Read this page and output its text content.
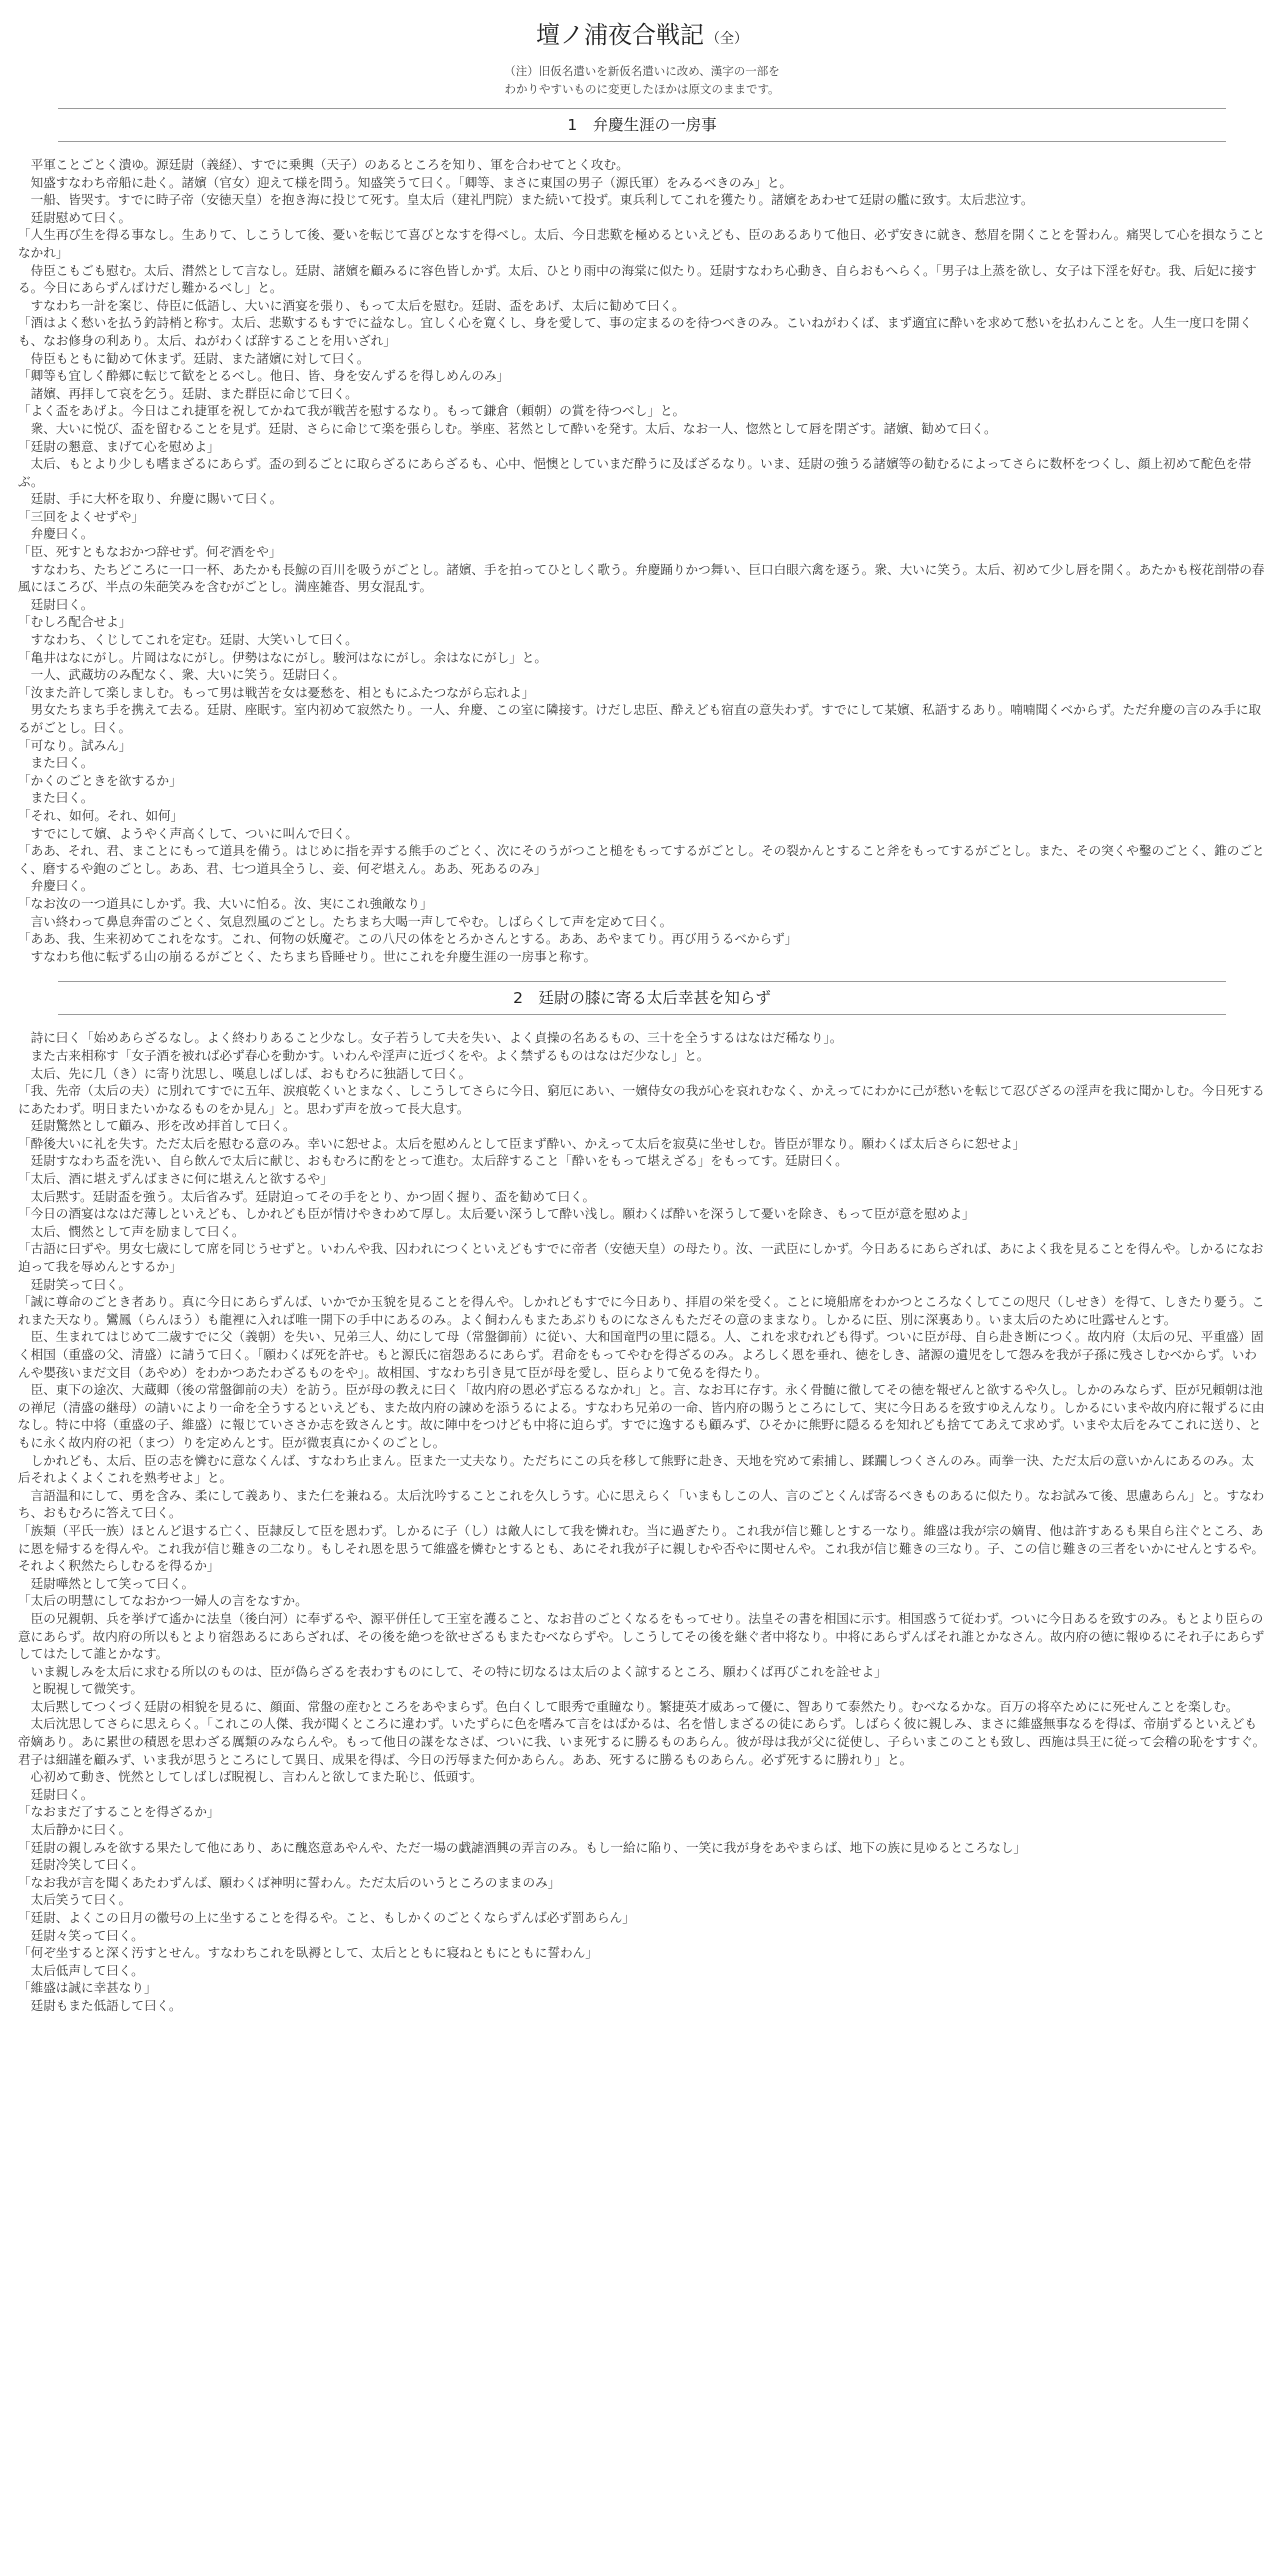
壇ノ浦夜合戦記 （全）
（注）旧仮名遣いを新仮名遣いに改め、漢字の一部を
わかりやすいものに変更したほかは原文のままです。
1　弁慶生涯の一房事

　平軍ことごとく潰ゆ。源廷尉（義経）、すでに乗輿（天子）のあるところを知り、軍を合わせてとく攻む。

　知盛すなわち帝船に赴く。諸嬪（官女）迎えて様を問う。知盛笑うて曰く。「卿等、まさに東国の男子（源氏軍）をみるべきのみ」と。

　一船、皆哭す。すでに時子帝（安徳天皇）を抱き海に投じて死す。皇太后（建礼門院）また続いて投ず。東兵利してこれを獲たり。諸嬪をあわせて廷尉の艦に致す。太后悲泣す。

　廷尉慰めて曰く。

「人生再び生を得る事なし。生ありて、しこうして後、憂いを転じて喜びとなすを得べし。太后、今日悲歎を極めるといえども、臣のあるありて他日、必ず安きに就き、愁眉を開くことを誓わん。痛哭して心を損なうことなかれ」

　侍臣こもごも慰む。太后、潸然として言なし。廷尉、諸嬪を顧みるに容色皆しかず。太后、ひとり雨中の海棠に似たり。廷尉すなわち心動き、自らおもへらく。「男子は上蒸を欲し、女子は下淫を好む。我、后妃に接する。今日にあらずんばけだし難かるべし」と。

　すなわち一計を案じ、侍臣に低語し、大いに酒宴を張り、もって太后を慰む。廷尉、盃をあげ、太后に勧めて曰く。

「酒はよく愁いを払う釣詩梢と称す。太后、悲歎するもすでに益なし。宜しく心を寛くし、身を愛して、事の定まるのを待つべきのみ。こいねがわくば、まず適宜に酔いを求めて愁いを払わんことを。人生一度口を開くも、なお修身の利あり。太后、ねがわくば辞することを用いざれ」

　侍臣もともに勧めて休まず。廷尉、また諸嬪に対して曰く。

「卿等も宜しく酔郷に転じて歓をとるべし。他日、皆、身を安んずるを得しめんのみ」

　諸嬪、再拝して哀を乞う。廷尉、また群臣に命じて曰く。

「よく盃をあげよ。今日はこれ捷軍を祝してかねて我が戦苦を慰するなり。もって鎌倉（頼朝）の賞を待つべし」と。

　衆、大いに悦び、盃を留むることを見ず。廷尉、さらに命じて楽を張らしむ。挙座、茗然として酔いを発す。太后、なお一人、惚然として唇を閉ざす。諸嬪、勧めて曰く。

「廷尉の懇意、まげて心を慰めよ」

　太后、もとより少しも嗜まざるにあらず。盃の到るごとに取らざるにあらざるも、心中、悒懊としていまだ酔うに及ばざるなり。いま、廷尉の強うる諸嬪等の勧むるによってさらに数杯をつくし、顔上初めて酡色を帯ぶ。

　廷尉、手に大杯を取り、弁慶に賜いて曰く。

「三回をよくせずや」

　弁慶曰く。

「臣、死すともなおかつ辞せず。何ぞ酒をや」

　すなわち、たちどころに一口一杯、あたかも長鯨の百川を吸うがごとし。諸嬪、手を拍ってひとしく歌う。弁慶踊りかつ舞い、巨口白眼六禽を逐う。衆、大いに笑う。太后、初めて少し唇を開く。あたかも桜花剖帯の春風にほころび、半点の朱葩笑みを含むがごとし。満座雑沓、男女混乱す。

　廷尉曰く。

「むしろ配合せよ」

　すなわち、くじしてこれを定む。廷尉、大笑いして曰く。

「亀井はなにがし。片岡はなにがし。伊勢はなにがし。駿河はなにがし。余はなにがし」と。

　一人、武蔵坊のみ配なく、衆、大いに笑う。廷尉曰く。

「汝また許して楽しましむ。もって男は戦苦を女は憂愁を、相ともにふたつながら忘れよ」

　男女たちまち手を携えて去る。廷尉、座眠す。室内初めて寂然たり。一人、弁慶、この室に隣接す。けだし忠臣、酔えども宿直の意失わず。すでにして某嬪、私語するあり。喃喃聞くべからず。ただ弁慶の言のみ手に取るがごとし。曰く。

「可なり。試みん」

　また曰く。

「かくのごときを欲するか」

　また曰く。

「それ、如何。それ、如何」

　すでにして嬪、ようやく声高くして、ついに叫んで曰く。

「ああ、それ、君、まことにもって道具を備う。はじめに指を弄する熊手のごとく、次にそのうがつこと槌をもってするがごとし。その裂かんとすること斧をもってするがごとし。また、その突くや鑿のごとく、錐のごとく、磨するや鉋のごとし。ああ、君、七つ道具全うし、妾、何ぞ堪えん。ああ、死あるのみ」

　弁慶曰く。

「なお汝の一つ道具にしかず。我、大いに怕る。汝、実にこれ強敵なり」

　言い終わって鼻息奔雷のごとく、気息烈風のごとし。たちまち大喝一声してやむ。しばらくして声を定めて曰く。

「ああ、我、生来初めてこれをなす。これ、何物の妖魔ぞ。この八尺の体をとろかさんとする。ああ、あやまてり。再び用うるべからず」

　すなわち他に転ずる山の崩るるがごとく、たちまち昏睡せり。世にこれを弁慶生涯の一房事と称す。

2　廷尉の膝に寄る太后幸甚を知らず

　詩に曰く「始めあらざるなし。よく終わりあること少なし。女子若うして夫を失い、よく貞操の名あるもの、三十を全うするはなはだ稀なり」。

　また古来相称す「女子酒を被れば必ず春心を動かす。いわんや淫声に近づくをや。よく禁ずるものはなはだ少なし」と。

　太后、先に几（き）に寄り沈思し、嘆息しばしば、おもむろに独語して曰く。

「我、先帝（太后の夫）に別れてすでに五年、涙痕乾くいとまなく、しこうしてさらに今日、窮厄にあい、一嬪侍女の我が心を哀れむなく、かえってにわかに己が愁いを転じて忍びざるの淫声を我に聞かしむ。今日死するにあたわず。明日またいかなるものをか見ん」と。思わず声を放って長大息す。

　廷尉驚然として顧み、形を改め拝首して曰く。

「酔後大いに礼を失す。ただ太后を慰むる意のみ。幸いに恕せよ。太后を慰めんとして臣まず酔い、かえって太后を寂莫に坐せしむ。皆臣が罪なり。願わくば太后さらに恕せよ」

　廷尉すなわち盃を洗い、自ら飲んで太后に献じ、おもむろに酌をとって進む。太后辞すること「酔いをもって堪えざる」をもってす。廷尉曰く。

「太后、酒に堪えずんばまさに何に堪えんと欲するや」

　太后黙す。廷尉盃を強う。太后省みず。廷尉迫ってその手をとり、かつ固く握り、盃を勧めて曰く。

「今日の酒宴はなはだ薄しといえども、しかれども臣が情けやきわめて厚し。太后憂い深うして酔い浅し。願わくば酔いを深うして憂いを除き、もって臣が意を慰めよ」

　太后、憫然として声を励まして曰く。

「古語に曰ずや。男女七歳にして席を同じうせずと。いわんや我、囚われにつくといえどもすでに帝者（安徳天皇）の母たり。汝、一武臣にしかず。今日あるにあらざれば、あによく我を見ることを得んや。しかるになお迫って我を辱めんとするか」

　廷尉笑って曰く。

「誠に尊命のごとき者あり。真に今日にあらずんば、いかでか玉貌を見ることを得んや。しかれどもすでに今日あり、拝眉の栄を受く。ことに境船席をわかつところなくしてこの咫尺（しせき）を得て、しきたり憂う。これまた天なり。鸞鳳（らんほう）も龍裡に入れば唯一開下の手中にあるのみ。よく飼わんもまたあぶりものになさんもただその意のままなり。しかるに臣、別に深裏あり。いま太后のために吐露せんとす。

　臣、生まれてはじめて二歳すでに父（義朝）を失い、兄弟三人、幼にして母（常盤御前）に従い、大和国竜門の里に隠る。人、これを求むれども得ず。ついに臣が母、自ら赴き断につく。故内府（太后の兄、平重盛）固く相国（重盛の父、清盛）に請うて曰く。「願わくば死を許せ。もと源氏に宿怨あるにあらず。君命をもってやむを得ざるのみ。よろしく恩を垂れ、徳をしき、諸源の遺児をして怨みを我が子孫に残さしむべからず。いわんや嬰孩いまだ文目（あやめ）をわかつあたわざるものをや」。故相国、すなわち引き見て臣が母を愛し、臣らよりて免るを得たり。

　臣、東下の途次、大蔵卿（後の常盤御前の夫）を訪う。臣が母の教えに曰く「故内府の恩必ず忘るるなかれ」と。言、なお耳に存す。永く骨髄に徹してその徳を報ぜんと欲するや久し。しかのみならず、臣が兄頼朝は池の禅尼（清盛の継母）の請いにより一命を全うするといえども、また故内府の諫めを添うるによる。すなわち兄弟の一命、皆内府の賜うところにして、実に今日あるを致すゆえんなり。しかるにいまや故内府に報ずるに由なし。特に中将（重盛の子、維盛）に報じていささか志を致さんとす。故に陣中をつけども中将に迫らず。すでに逸するも顧みず、ひそかに熊野に隠るるを知れども捨ててあえて求めず。いまや太后をみてこれに送り、ともに永く故内府の祀（まつ）りを定めんとす。臣が微衷真にかくのごとし。

　しかれども、太后、臣の志を憐むに意なくんば、すなわち止まん。臣また一丈夫なり。ただちにこの兵を移して熊野に赴き、天地を究めて索捕し、蹂躙しつくさんのみ。両拳一決、ただ太后の意いかんにあるのみ。太后それよくよくこれを熟考せよ」と。

　言語温和にして、勇を含み、柔にして義あり、また仁を兼ねる。太后沈吟することこれを久しうす。心に思えらく「いまもしこの人、言のごとくんば寄るべきものあるに似たり。なお試みて後、思慮あらん」と。すなわち、おもむろに答えて曰く。

「族類（平氏一族）ほとんど退する亡く、臣隷反して臣を恩わず。しかるに子（し）は敵人にして我を憐れむ。当に過ぎたり。これ我が信じ難しとする一なり。維盛は我が宗の嫡冑、他は許すあるも果自ら注ぐところ、あに恩を帰するを得んや。これ我が信じ難きの二なり。もしそれ恩を思うて維盛を憐むとするとも、あにそれ我が子に親しむや否やに関せんや。これ我が信じ難きの三なり。子、この信じ難きの三者をいかにせんとするや。それよく釈然たらしむるを得るか」

　廷尉嘩然として笑って曰く。

「太后の明慧にしてなおかつ一婦人の言をなすか。

　臣の兄親朝、兵を挙げて遙かに法皇（後白河）に奉ずるや、源平併任して王室を護ること、なお昔のごとくなるをもってせり。法皇その書を相国に示す。相国惑うて従わず。ついに今日あるを致すのみ。もとより臣らの意にあらず。故内府の所以もとより宿怨あるにあらざれば、その後を絶つを欲せざるもまたむべならずや。しこうしてその後を継ぐ者中将なり。中将にあらずんばそれ誰とかなさん。故内府の徳に報ゆるにそれ子にあらずしてはたして誰とかなす。

　いま親しみを太后に求むる所以のものは、臣が偽らざるを表わすものにして、その特に切なるは太后のよく諒するところ、願わくば再びこれを詮せよ」

　と睨視して微笑す。

　太后黙してつくづく廷尉の相貌を見るに、顔面、常盤の産むところをあやまらず。色白くして眼秀で重瞳なり。繁捷英才威あって優に、智ありて泰然たり。むべなるかな。百万の将卒ためにに死せんことを楽しむ。

　太后沈思してさらに思えらく。「これこの人傑、我が聞くところに違わず。いたずらに色を嗜みて言をはばかるは、名を惜しまざるの徒にあらず。しばらく彼に親しみ、まさに維盛無事なるを得ば、帝崩ずるといえども帝嫡あり。あに累世の積恩を思わざる厲類のみならんや。もって他日の謀をなさば、ついに我、いま死するに勝るものあらん。彼が母は我が父に従使し、子らいまこのことも致し、西施は呉王に従って会稽の恥をすすぐ。君子は細謹を顧みず、いま我が思うところにして異日、成果を得ば、今日の汚辱また何かあらん。ああ、死するに勝るものあらん。必ず死するに勝れり」と。

　心初めて動き、恍然としてしばしば睨視し、言わんと欲してまた恥じ、低頭す。

　廷尉曰く。

「なおまだ了することを得ざるか」

　太后静かに曰く。

「廷尉の親しみを欲する果たして他にあり、あに醜恣意あやんや、ただ一場の戯謔酒興の弄言のみ。もし一給に陥り、一笑に我が身をあやまらば、地下の族に見ゆるところなし」

　廷尉冷笑して曰く。

「なお我が言を聞くあたわずんば、願わくば神明に誓わん。ただ太后のいうところのままのみ」

　太后笑うて曰く。

「廷尉、よくこの日月の徽号の上に坐することを得るや。こと、もしかくのごとくならずんば必ず罰あらん」

　廷尉々笑って曰く。

「何ぞ坐すると深く汚すとせん。すなわちこれを臥褥として、太后とともに寝ねともにともに誓わん」

　太后低声して曰く。

「維盛は誠に幸甚なり」

　廷尉もまた低語して曰く。
